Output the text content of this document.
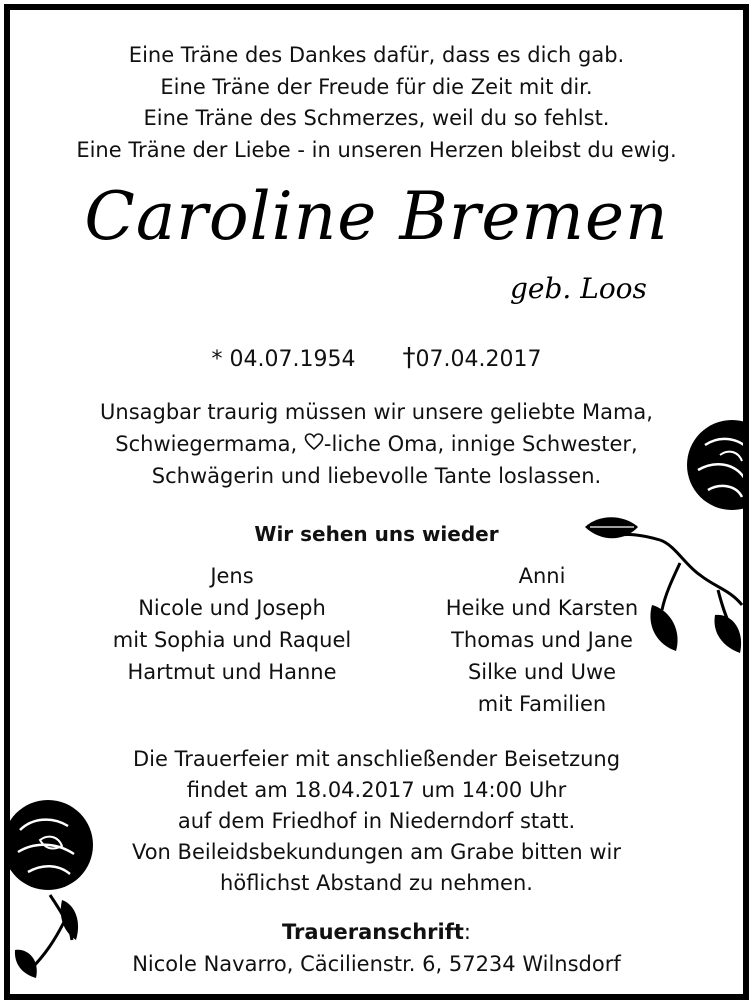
Eine Träne des Dankes dafür, dass es dich gab.
Eine Träne der Freude für die Zeit mit dir.
Eine Träne des Schmerzes, weil du so fehlst.
Eine Träne der Liebe - in unseren Herzen bleibst du ewig.
Caroline Bremen
geb. Loos
* 04.07.1954 †07.04.2017
Unsagbar traurig müssen wir unsere geliebte Mama,
Schwiegermama, -liche Oma, innige Schwester,
Schwägerin und liebevolle Tante loslassen.
Wir sehen uns wieder
Jens
Nicole und Joseph
mit Sophia und Raquel
Hartmut und Hanne
Anni
Heike und Karsten
Thomas und Jane
Silke und Uwe
mit Familien
Die Trauerfeier mit anschließender Beisetzung
findet am 18.04.2017 um 14:00 Uhr
auf dem Friedhof in Niederndorf statt.
Von Beileidsbekundungen am Grabe bitten wir
höflichst Abstand zu nehmen.
Traueranschrift:
Nicole Navarro, Cäcilienstr. 6, 57234 Wilnsdorf
